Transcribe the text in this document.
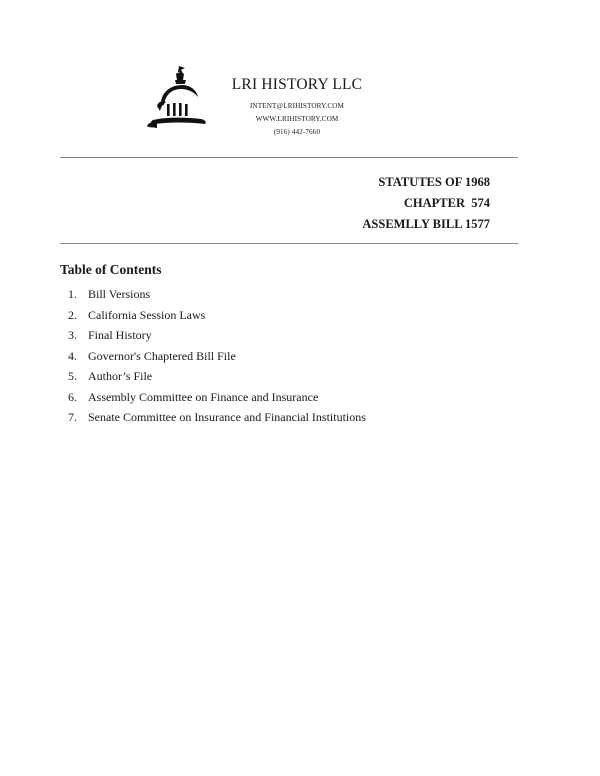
LRI HISTORY LLC
INTENT@LRIHISTORY.COM
WWW.LRIHISTORY.COM
(916) 442-7660
STATUTES OF 1968
CHAPTER  574
ASSEMLLY BILL 1577
Table of Contents
1. Bill Versions
2. California Session Laws
3. Final History
4. Governor's Chaptered Bill File
5. Author’s File
6. Assembly Committee on Finance and Insurance
7. Senate Committee on Insurance and Financial Institutions
